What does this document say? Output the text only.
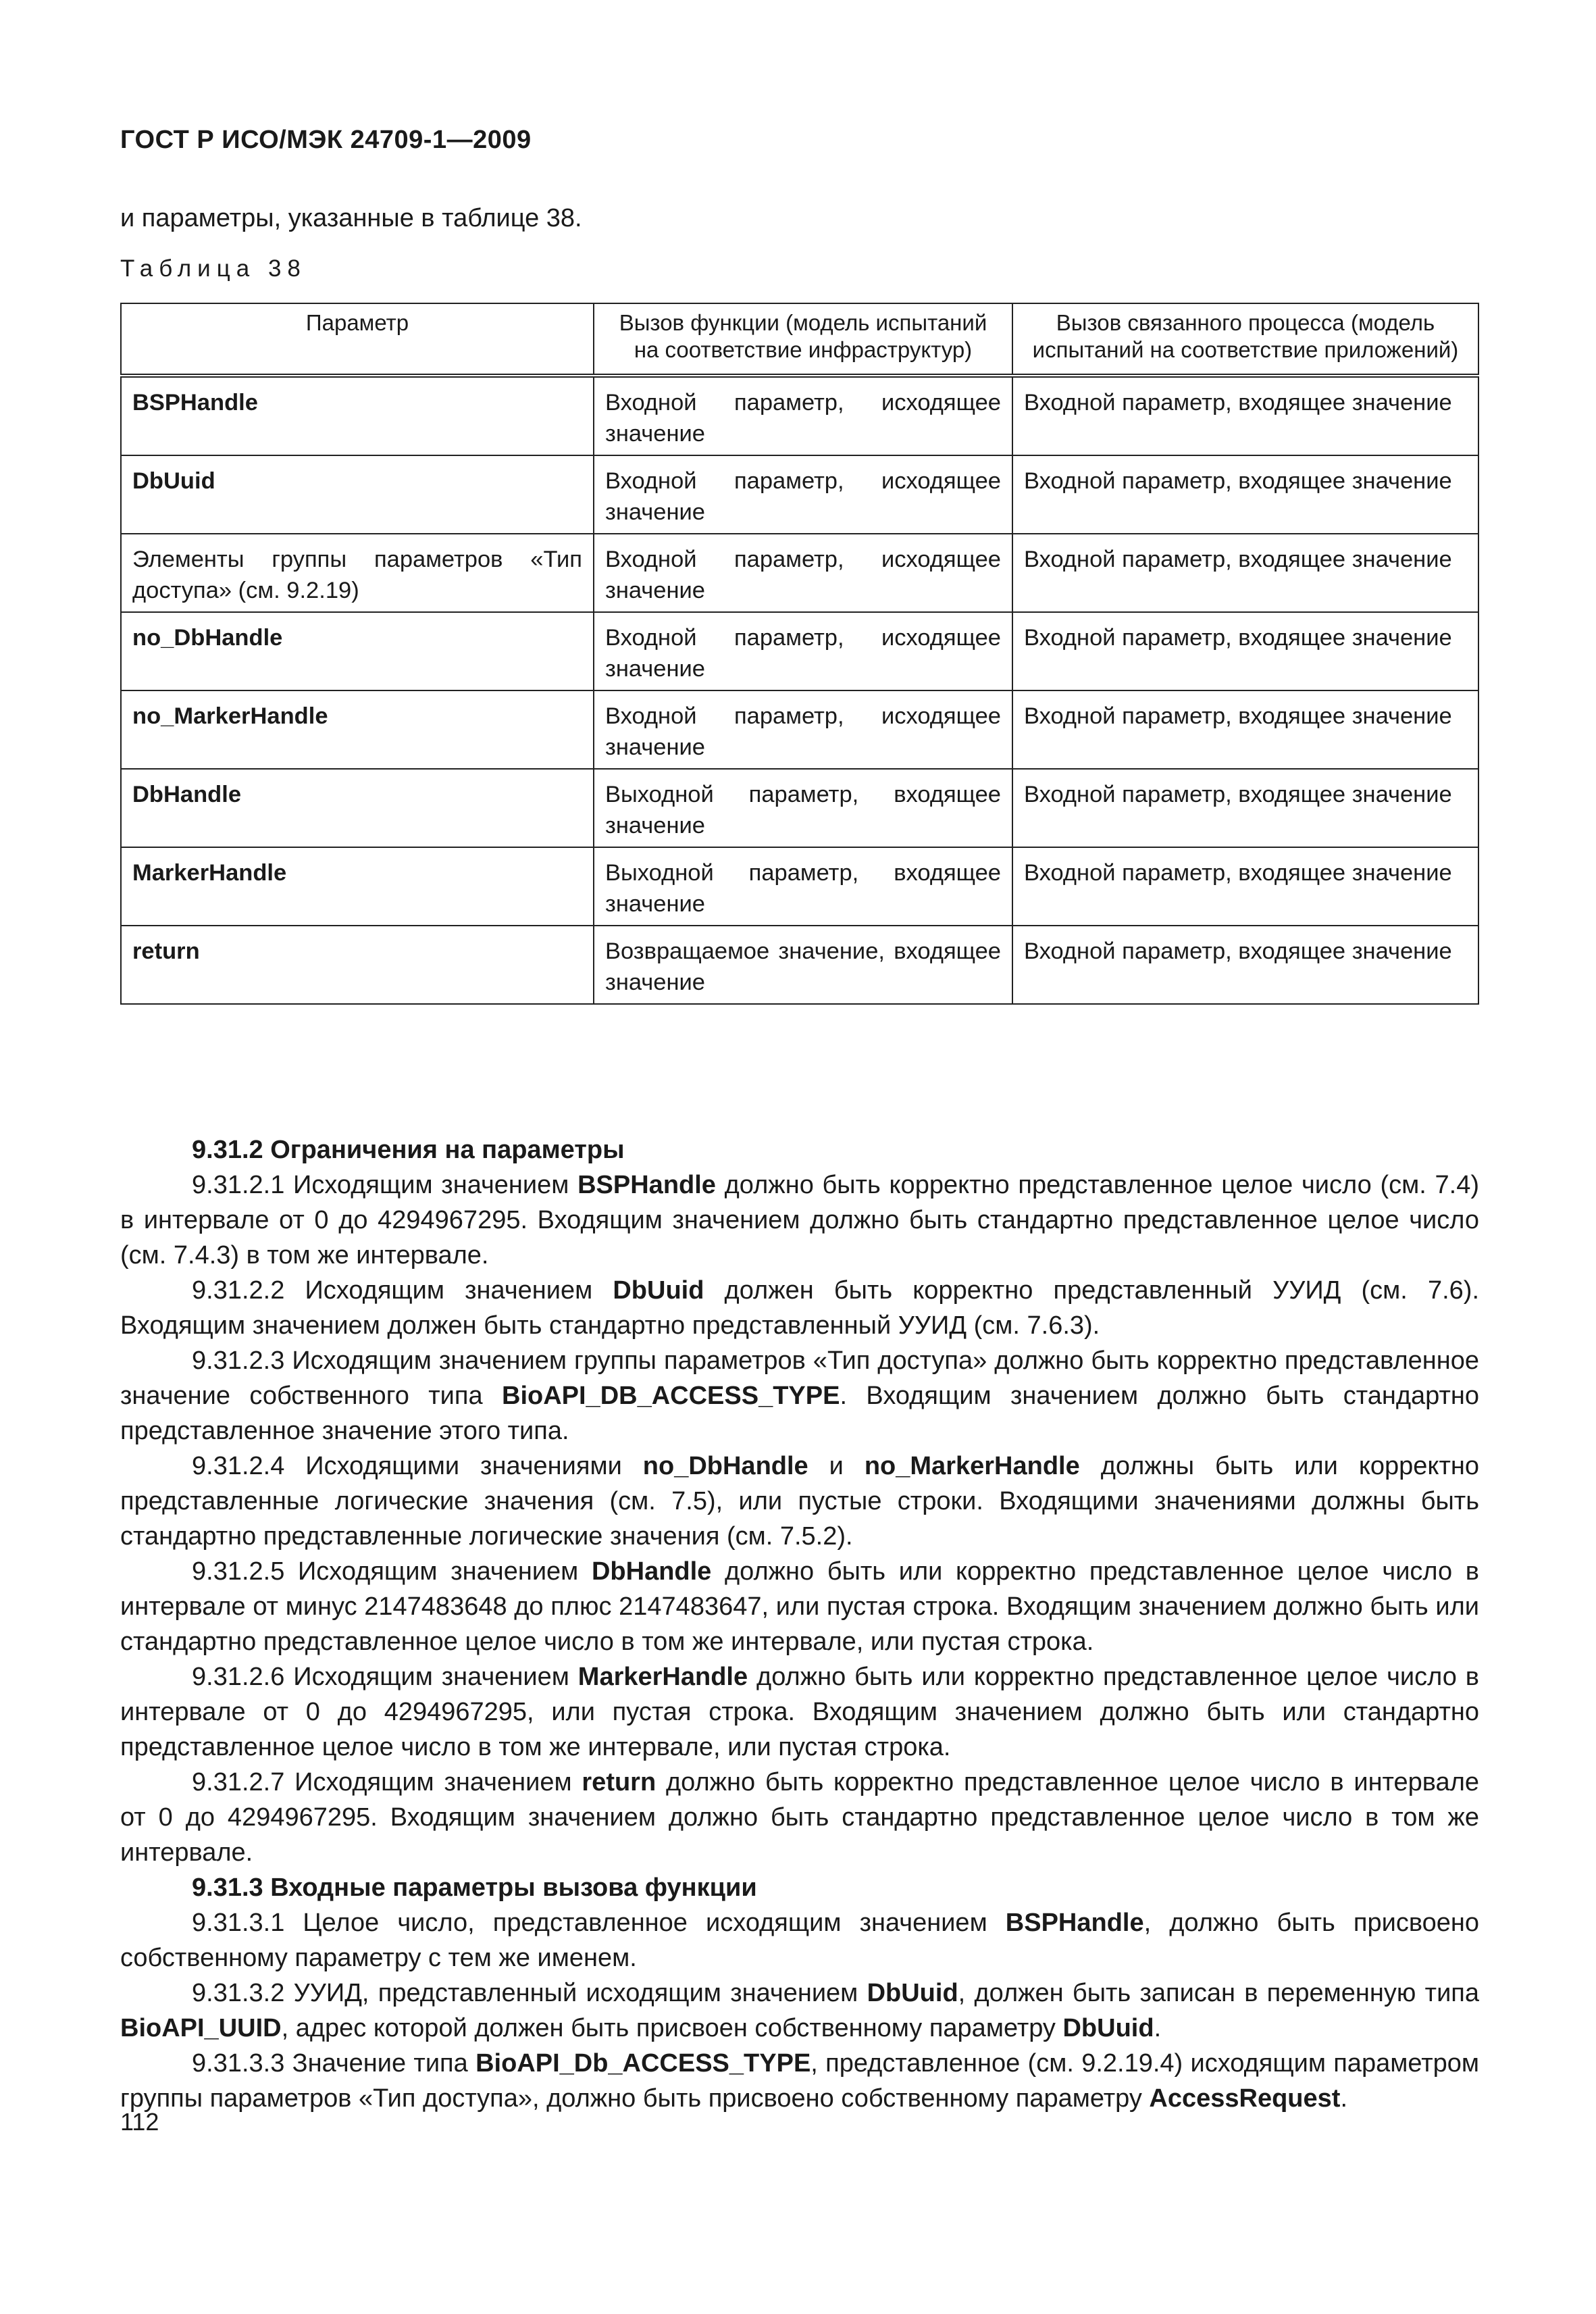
ГОСТ Р ИСО/МЭК 24709-1—2009
и параметры, указанные в таблице 38.
Таблица 38
Параметр	Вызов функции (модель испытаний на соответствие инфраструктур)	Вызов связанного процесса (модель испытаний на соответствие приложений)
BSPHandle	Входной параметр, исходящее значение	Входной параметр, входящее значение
DbUuid	Входной параметр, исходящее значение	Входной параметр, входящее значение
Элементы группы параметров «Тип доступа» (см. 9.2.19)	Входной параметр, исходящее значение	Входной параметр, входящее значение
no_DbHandle	Входной параметр, исходящее значение	Входной параметр, входящее значение
no_MarkerHandle	Входной параметр, исходящее значение	Входной параметр, входящее значение
DbHandle	Выходной параметр, входящее значение	Входной параметр, входящее значение
MarkerHandle	Выходной параметр, входящее значение	Входной параметр, входящее значение
return	Возвращаемое значение, входящее значение	Входной параметр, входящее значение

9.31.2 Ограничения на параметры

9.31.2.1 Исходящим значением BSPHandle должно быть корректно представленное целое число (см. 7.4) в интервале от 0 до 4294967295. Входящим значением должно быть стандартно представленное целое число (см. 7.4.3) в том же интервале.

9.31.2.2 Исходящим значением DbUuid должен быть корректно представленный УУИД (см. 7.6). Входящим значением должен быть стандартно представленный УУИД (см. 7.6.3).

9.31.2.3 Исходящим значением группы параметров «Тип доступа» должно быть корректно представленное значение собственного типа BioAPI_DB_ACCESS_TYPE. Входящим значением должно быть стандартно представленное значение этого типа.

9.31.2.4 Исходящими значениями no_DbHandle и no_MarkerHandle должны быть или корректно представленные логические значения (см. 7.5), или пустые строки. Входящими значениями должны быть стандартно представленные логические значения (см. 7.5.2).

9.31.2.5 Исходящим значением DbHandle должно быть или корректно представленное целое число в интервале от минус 2147483648 до плюс 2147483647, или пустая строка. Входящим значением должно быть или стандартно представленное целое число в том же интервале, или пустая строка.

9.31.2.6 Исходящим значением MarkerHandle должно быть или корректно представленное целое число в интервале от 0 до 4294967295, или пустая строка. Входящим значением должно быть или стандартно представленное целое число в том же интервале, или пустая строка.

9.31.2.7 Исходящим значением return должно быть корректно представленное целое число в интервале от 0 до 4294967295. Входящим значением должно быть стандартно представленное целое число в том же интервале.

9.31.3 Входные параметры вызова функции

9.31.3.1 Целое число, представленное исходящим значением BSPHandle, должно быть присвоено собственному параметру с тем же именем.

9.31.3.2 УУИД, представленный исходящим значением DbUuid, должен быть записан в переменную типа BioAPI_UUID, адрес которой должен быть присвоен собственному параметру DbUuid.

9.31.3.3 Значение типа BioAPI_Db_ACCESS_TYPE, представленное (см. 9.2.19.4) исходящим параметром группы параметров «Тип доступа», должно быть присвоено собственному параметру AccessRequest.

112
